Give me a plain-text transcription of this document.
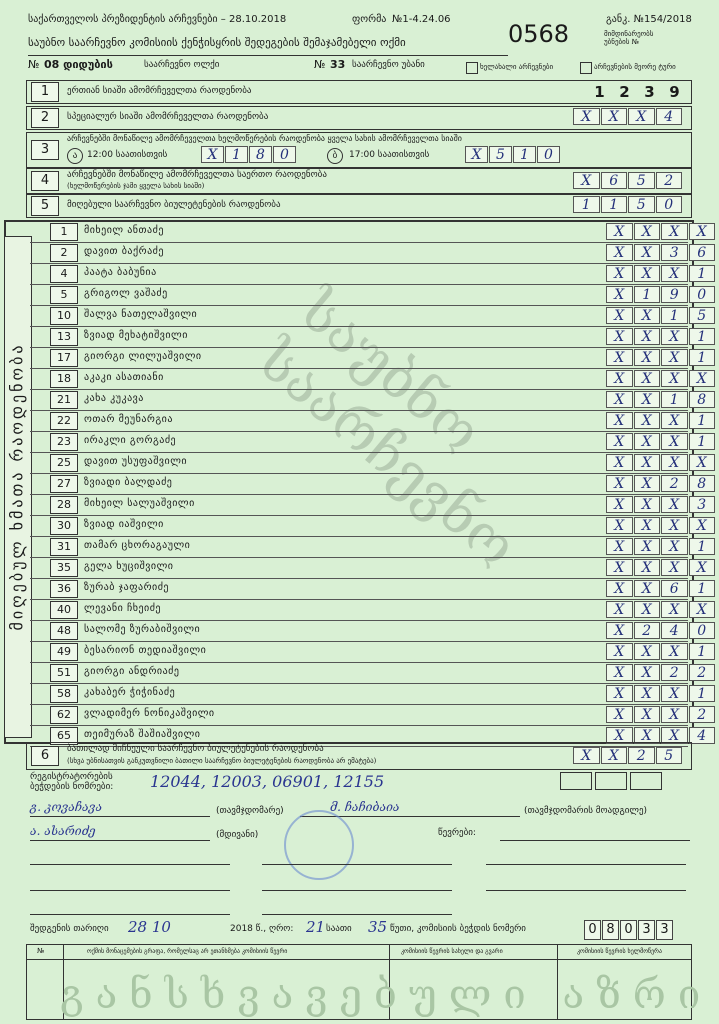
საქართველოს პრეზიდენტის არჩევნები – 28.10.2018	ფორმა №1-4.24.06
0568
განკ. №154/2018
მიმდინარეობს უბნების №
საუბნო საარჩევნო კომისიის ქენჭისყრის შედეგების შემაჯამებელი ოქმი
№ 08 დიდუბის	საარჩევნო ოლქი	№ 33 საარჩევნო უბანი	ხელახალი არჩევნები	არჩევნების მეორე ტური
1	ერთიან სიაში ამომრჩეველთა რაოდენობა	1 2 3 9
2	სპეციალურ სიაში ამომრჩეველთა რაოდენობა	X	X	X	4
3
არჩევნებში მონაწილე ამომრჩეველთა ხელმოწერების რაოდენობა ყველა სახის ამომრჩეველთა სიაში
ა	12:00 საათისთვის	X	1	8	0	ბ	17:00 საათისთვის	X	5	1	0
4	არჩევნებში მონაწილე ამომრჩეველთა საერთო რაოდენობა
(ხელმოწერების ჯამი ყველა სახის სიაში)	X	6	5	2
5	მიღებული საარჩევნო ბიულეტენების რაოდენობა	1	1	5	0
მიღებულ ხმათა რაოდენობა	საუბნო საარჩევნო
1	მიხეილ ანთაძე	X	X	X	X
2	დავით ბაქრაძე	X	X	3	6
4	პაატა ბაბუნია	X	X	X	1
5	გრიგოლ ვაშაძე	X	1	9	0
10	შალვა ნათელაშვილი	X	X	1	5
13	ზვიად მეხატიშვილი	X	X	X	1
17	გიორგი ლილუაშვილი	X	X	X	1
18	აკაკი ასათიანი	X	X	X	X
21	კახა კუკავა	X	X	1	8
22	ოთარ მეუნარგია	X	X	X	1
23	ირაკლი გორგაძე	X	X	X	1
25	დავით უსუფაშვილი	X	X	X	X
27	ზვიადი ბალდაძე	X	X	2	8
28	მიხეილ სალუაშვილი	X	X	X	3
30	ზვიად იაშვილი	X	X	X	X
31	თამარ ცხორაგაული	X	X	X	1
35	გელა ხუციშვილი	X	X	X	X
36	ზურაბ ჯაფარიძე	X	X	6	1
40	ლევანი ჩხეიძე	X	X	X	X
48	სალომე ზურაბიშვილი	X	2	4	0
49	ბესარიონ თედიაშვილი	X	X	X	1
51	გიორგი ანდრიაძე	X	X	2	2
58	კახაბერ ჭიჭინაძე	X	X	X	1
62	ვლადიმერ ნონიკაშვილი	X	X	X	2
65	თეიმურაზ შაშიაშვილი	X	X	X	4
6	ბათილად მიჩნეული საარჩევნო ბიულეტენების რაოდენობა
(სხვა უბნისათვის განკუთვნილი ბათილი საარჩევნო ბიულეტენების რაოდენობა არ ემატება)	X	X	2	5
რეგისტრატორების ბეჭდების ნომრები:	12044, 12003, 06901, 12155
გ. კოვაჩავა	(თავმჯდომარე)	მ. ჩაჩიბაია	(თავმჯდომარის მოადგილე)
ა. ასარიძე	(მდივანი)	წევრები:
შედგენის თარიღი 28 10	2018 წ., ღრო: 21 საათი 35 წუთი, კომისიის ბეჭდის ნომერი	0 8 0 3 3
№	ოქმის მონაცემების გრაფა, რომელსაც არ ეთანხმება კომისიის წევრი	კომისიის წევრის სახელი და გვარი	კომისიის წევრის ხელმოწერა
განსხვავებული აზრი
